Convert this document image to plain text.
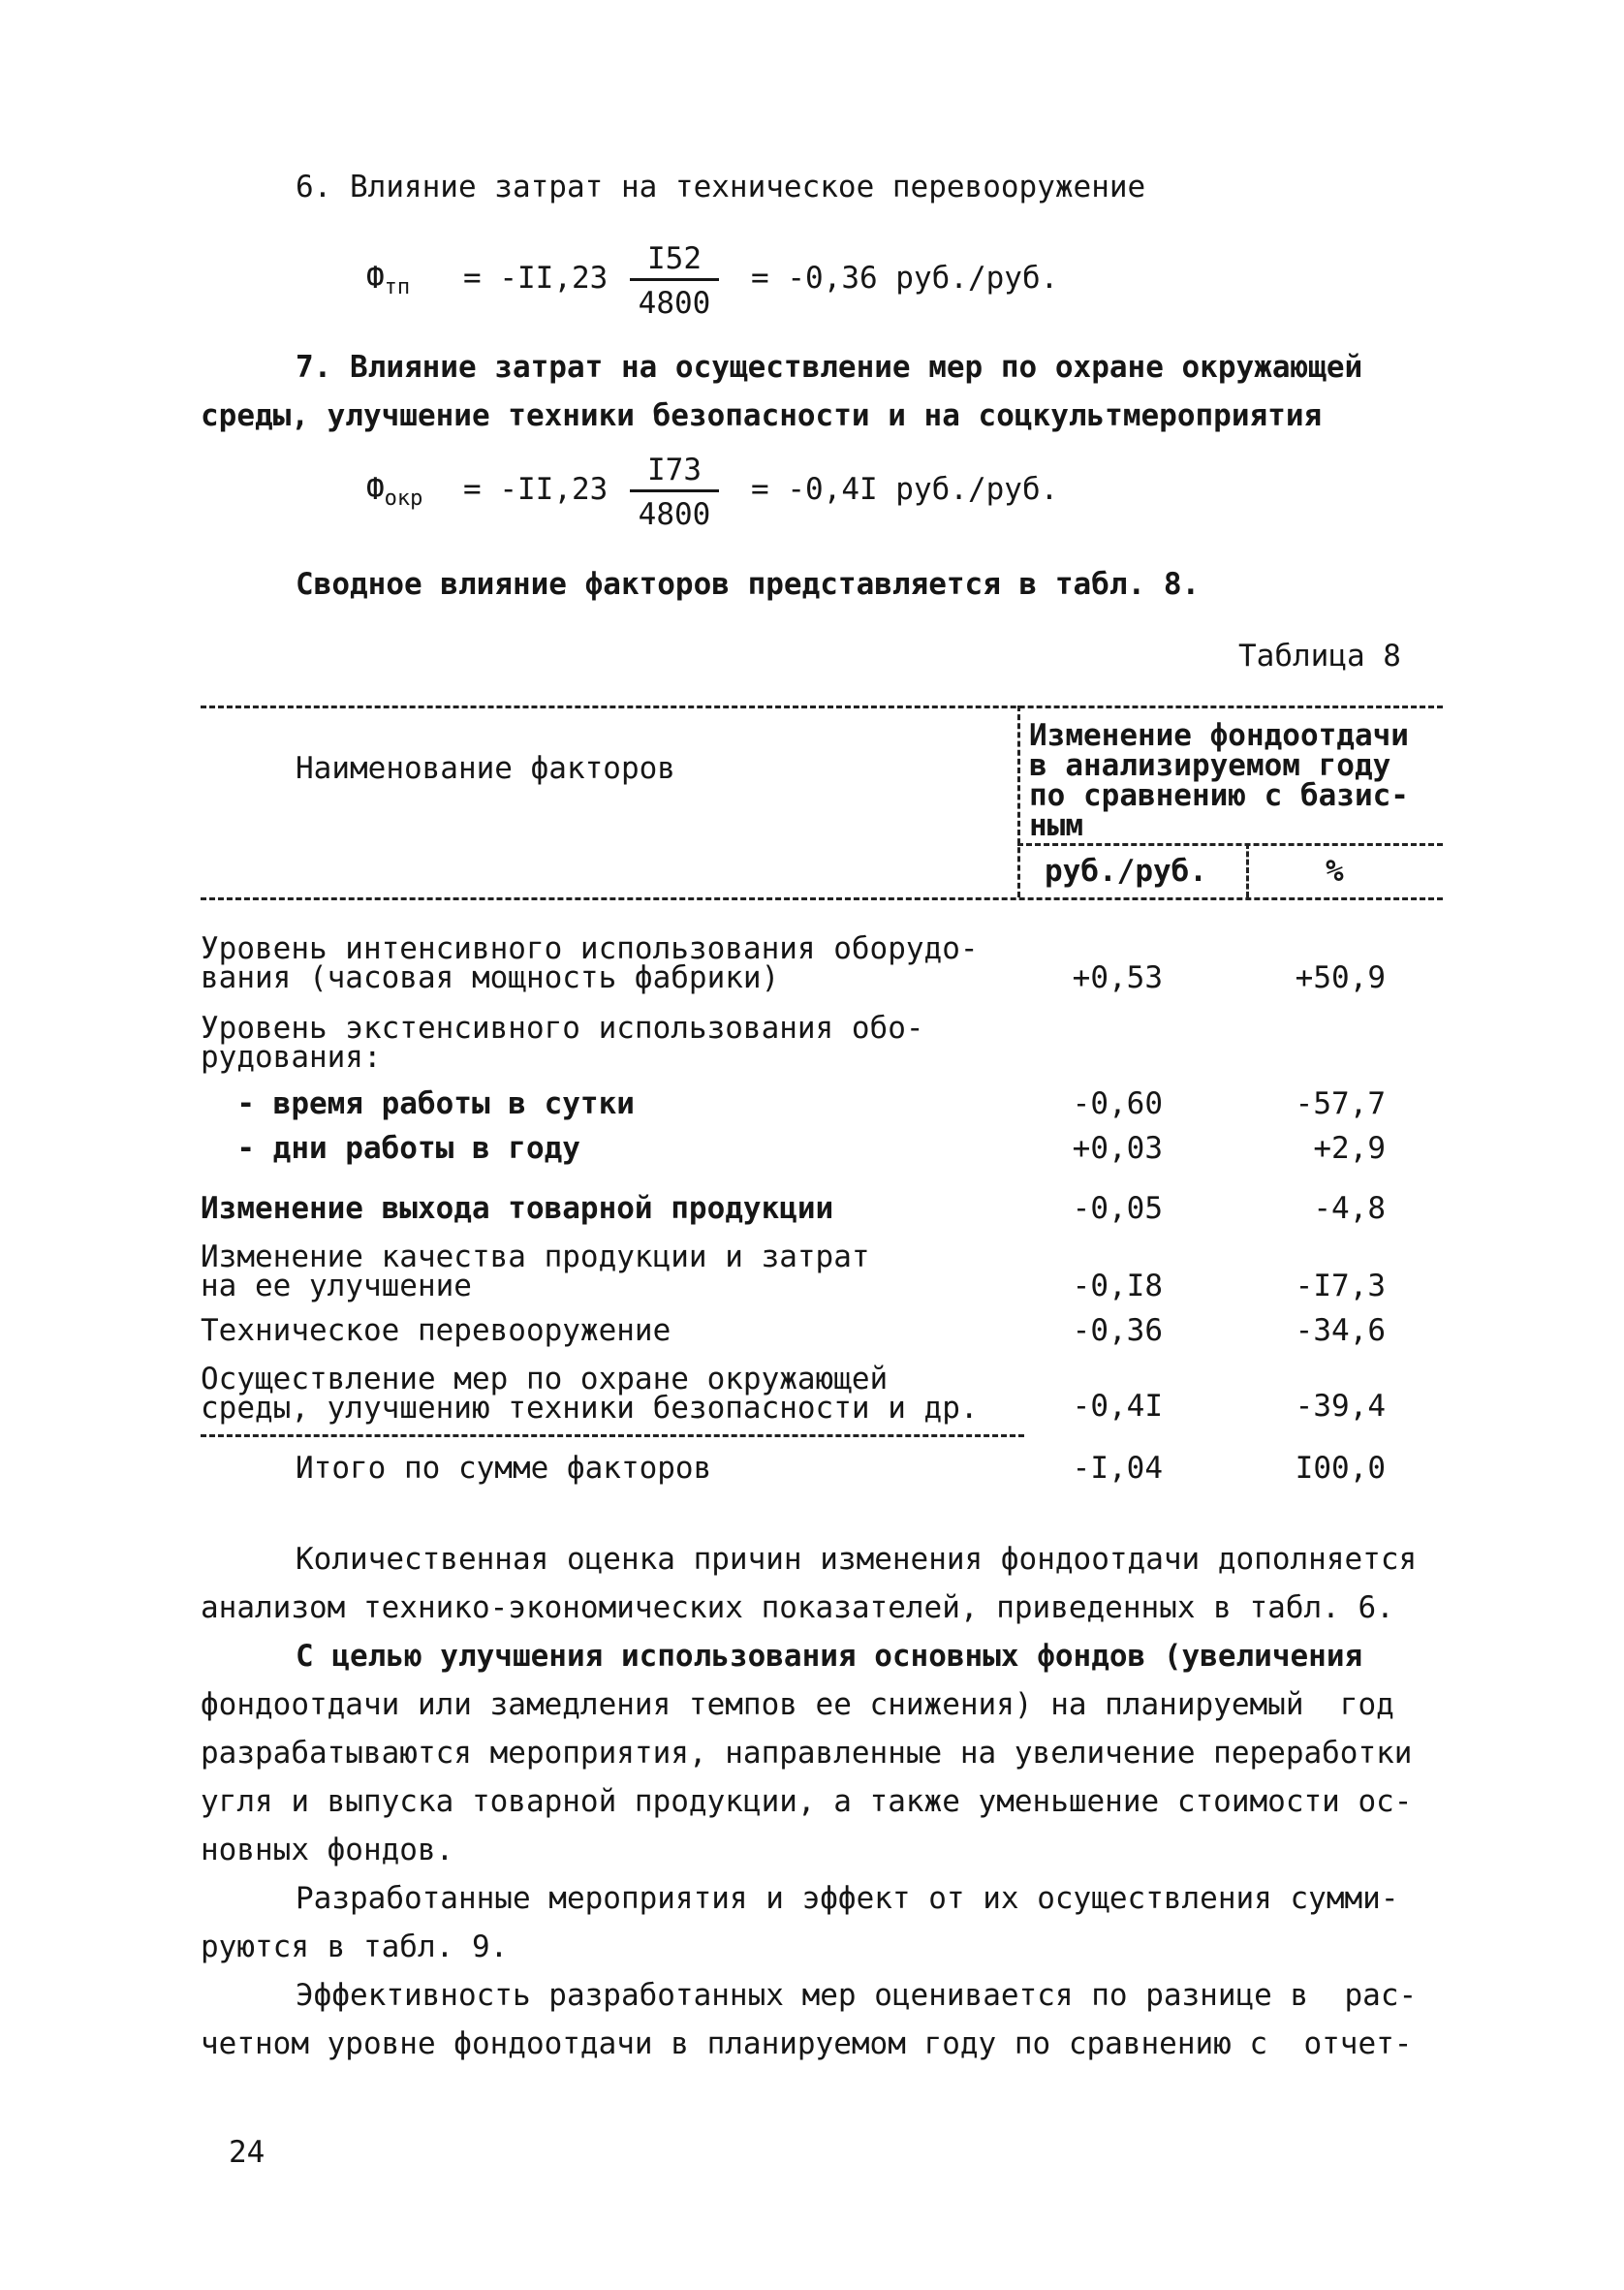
6. Влияние затрат на техническое перевооружение
$Ф_{тп} = -II,23$
I52
4800
= -0,36 руб./руб.
7. Влияние затрат на осуществление мер по охране окружающей
среды, улучшение техники безопасности и на соцкультмероприятия
$Ф_{окр} = -II,23$
I73
4800
= -0,4I руб./руб.
Сводное влияние факторов представляется в табл. 8.
Таблица 8
Наименование факторов
Изменение фондоотдачи
в анализируемом году
по сравнению с базис-
ным
руб./руб.	%
Уровень интенсивного использования оборудо-
вания (часовая мощность фабрики)	+0,53	+50,9
Уровень экстенсивного использования обо-
рудования:
- время работы в сутки	-0,60	-57,7
- дни работы в году	+0,03	+2,9
Изменение выхода товарной продукции	-0,05	-4,8
Изменение качества продукции и затрат
на ее улучшение	-0,I8	-I7,3
Техническое перевооружение	-0,36	-34,6
Осуществление мер по охране окружающей
среды, улучшению техники безопасности и др.	-0,4I	-39,4
Итого по сумме факторов	-I,04	I00,0
Количественная оценка причин изменения фондоотдачи дополняется
анализом технико-экономических показателей, приведенных в табл. 6.
С целью улучшения использования основных фондов (увеличения
фондоотдачи или замедления темпов ее снижения) на планируемый  год
разрабатываются мероприятия, направленные на увеличение переработки
угля и выпуска товарной продукции, а также уменьшение стоимости ос-
новных фондов.
Разработанные мероприятия и эффект от их осуществления сумми-
руются в табл. 9.
Эффективность разработанных мер оценивается по разнице в  рас-
четном уровне фондоотдачи в планируемом году по сравнению с  отчет-
24
